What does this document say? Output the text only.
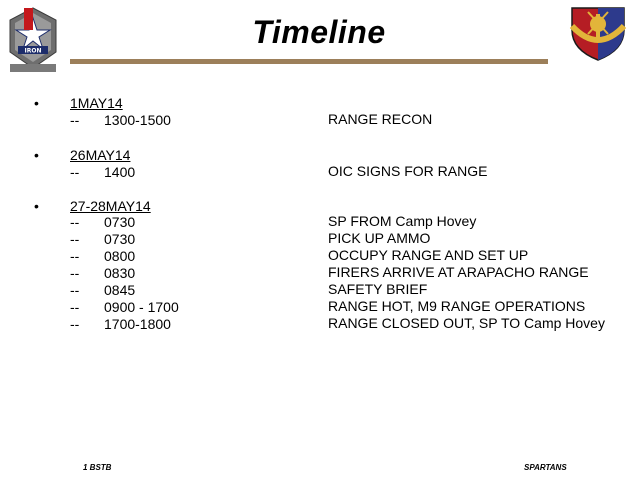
Timeline
IRON
• 1MAY14
-- 1300-1500	RANGE RECON
• 26MAY14
-- 1400	OIC SIGNS FOR RANGE
• 27-28MAY14
-- 0730	SP FROM Camp Hovey
-- 0730	PICK UP AMMO
-- 0800	OCCUPY RANGE AND SET UP
-- 0830	FIRERS ARRIVE AT ARAPACHO RANGE
-- 0845	SAFETY BRIEF
-- 0900 - 1700	RANGE HOT, M9 RANGE OPERATIONS
-- 1700-1800	RANGE CLOSED OUT, SP TO Camp Hovey
1 BSTB	SPARTANS
